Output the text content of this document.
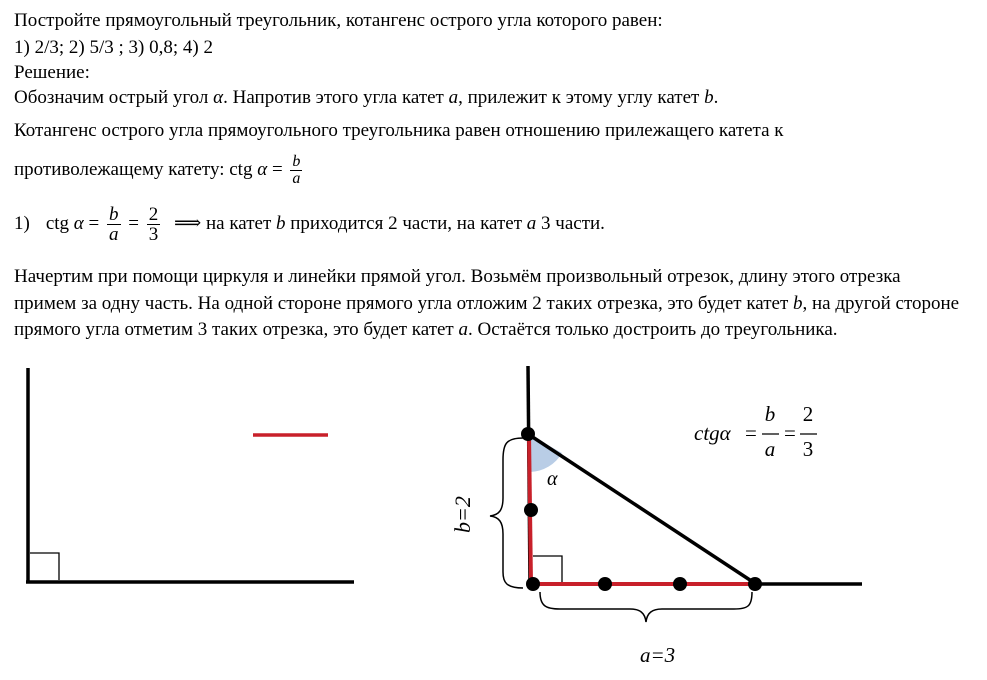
Постройте прямоугольный треугольник, котангенс острого угла которого равен:
1) 2/3; 2) 5/3 ; 3) 0,8; 4) 2
Решение:
Обозначим острый угол α. Напротив этого угла катет a, прилежит к этому углу катет b.
Котангенс острого угла прямоугольного треугольника равен отношению прилежащего катета к
противолежащему катету: ctg $\alpha = \frac{b}{a}$
1) ctg $\alpha = \frac{b}{a} = \frac{2}{3}$ ⟹ на катет b приходится 2 части, на катет a 3 части.
Начертим при помощи циркуля и линейки прямой угол. Возьмём произвольный отрезок, длину этого отрезка примем за одну часть. На одной стороне прямого угла отложим 2 таких отрезка, это будет катет b, на другой стороне прямого угла отметим 3 таких отрезка, это будет катет a. Остаётся только достроить до треугольника.
α
b=2
a=3
ctgα =
b
a
=
2
3
